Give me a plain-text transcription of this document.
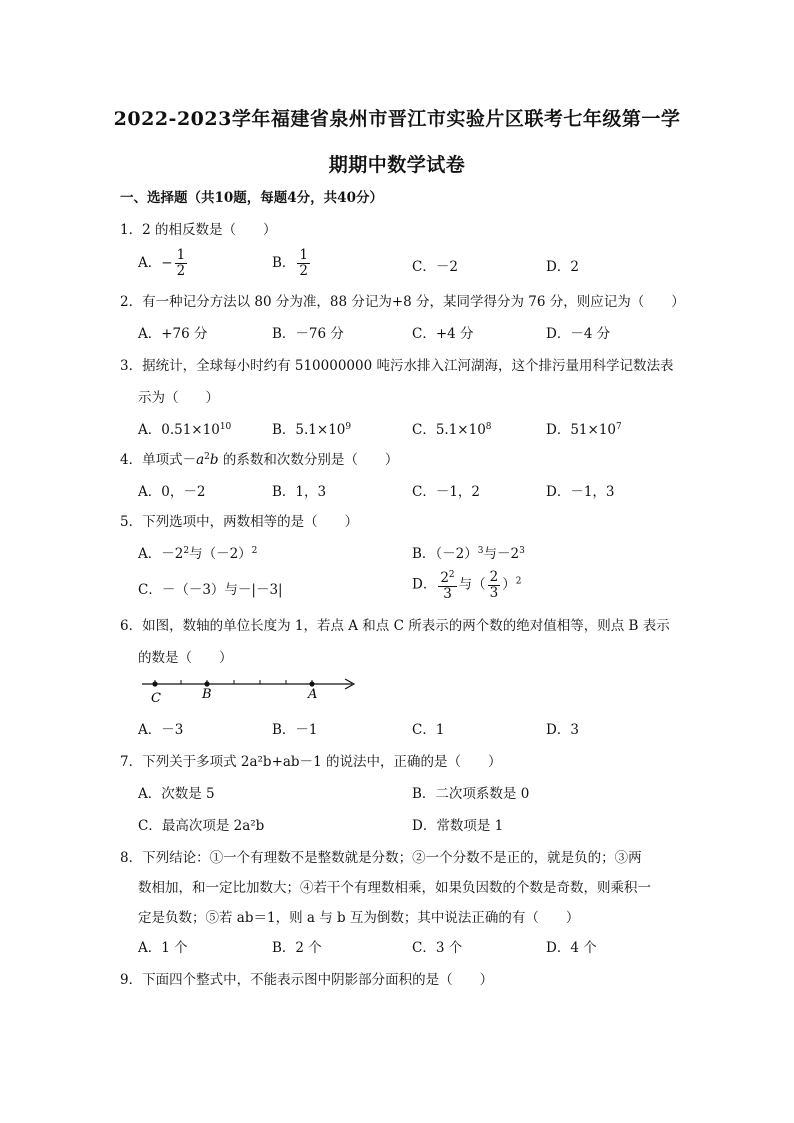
2022-2023学年福建省泉州市晋江市实验片区联考七年级第一学
期期中数学试卷
一、选择题（共10题，每题4分，共40分）
1．2 的相反数是（　　）
A．− $\frac{1}{2}$	B． $\frac{1}{2}$	C．－2	D．2
2．有一种记分方法以 80 分为准，88 分记为+8 分，某同学得分为 76 分，则应记为（　　）
A．+76 分	B．－76 分	C．+4 分	D．－4 分
3．据统计，全球每小时约有 510000000 吨污水排入江河湖海，这个排污量用科学记数法表
示为（　　）
A．$0.51\times 10^{10}$	B．$5.1\times 10^9$	C．$5.1\times 10^8$	D．$51\times 10^7$
4．单项式$-a^2b$ 的系数和次数分别是（　　）
A．0，－2	B．1，3	C．－1，2	D．－1，3
5．下列选项中，两数相等的是（　　）
A．$-2^2$与$(-2)^2$	B．$(-2)^3$与$-2^3$
C．－（－3）与－|－3|	D． $\frac{2^2}{3}$ 与（ $\frac{2}{3} )^2$
6．如图，数轴的单位长度为 1，若点 A 和点 C 所表示的两个数的绝对值相等，则点 B 表示
的数是（　　）
C	B	A
A．－3	B．－1	C．1	D．3
7．下列关于多项式 2a²b+ab－1 的说法中，正确的是（　　）
A．次数是 5	B．二次项系数是 0
C．最高次项是 2a²b	D．常数项是 1
8．下列结论：①一个有理数不是整数就是分数；②一个分数不是正的，就是负的；③两
数相加，和一定比加数大；④若干个有理数相乘，如果负因数的个数是奇数，则乘积一
定是负数；⑤若 ab＝1，则 a 与 b 互为倒数；其中说法正确的有（　　）
A．1 个	B．2 个	C．3 个	D．4 个
9．下面四个整式中，不能表示图中阴影部分面积的是（　　）
